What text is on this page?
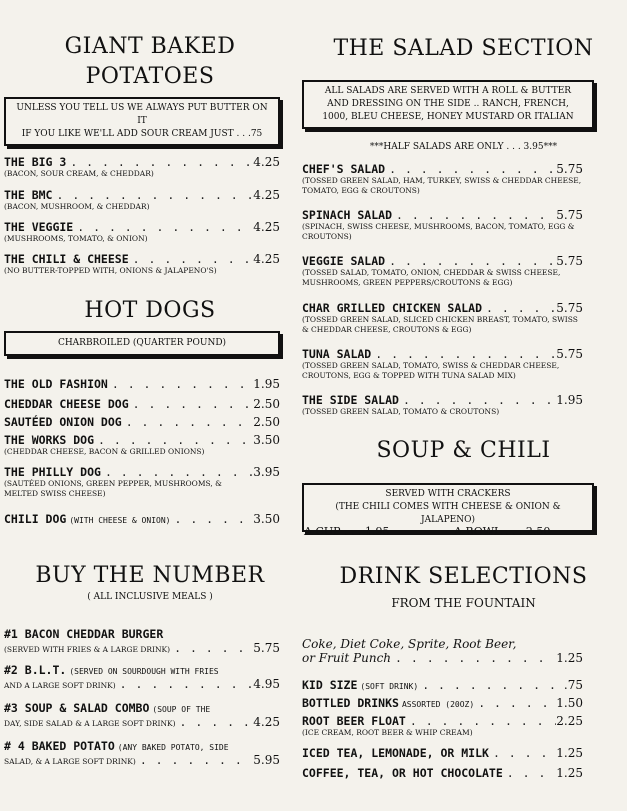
GIANT BAKED
POTATOES
UNLESS YOU TELL US WE ALWAYS PUT BUTTER ON IT
IF YOU LIKE WE'LL ADD SOUR CREAM JUST . . .75
THE BIG 3 . . .	4.25
(BACON, SOUR CREAM, & CHEDDAR)
THE BMC . . .	4.25
(BACON, MUSHROOM, & CHEDDAR)
THE VEGGIE . . .	4.25
(MUSHROOMS, TOMATO, & ONION)
THE CHILI & CHEESE . . .	4.25
(NO BUTTER-TOPPED WITH, ONIONS & JALAPENO'S)
HOT DOGS
CHARBROILED (QUARTER POUND)
THE OLD FASHION . . .	1.95
CHEDDAR CHEESE DOG . . .	2.50
SAUTÉED ONION DOG . . .	2.50
THE WORKS DOG . . .	3.50
(CHEDDAR CHEESE, BACON & GRILLED ONIONS)
THE PHILLY DOG . . .	3.95
(SAUTÉED ONIONS, GREEN PEPPER, MUSHROOMS, & MELTED SWISS CHEESE)
CHILI DOG (WITH CHEESE & ONION) . . .	3.50
BUY THE NUMBER
( ALL INCLUSIVE MEALS )
#1 BACON CHEDDAR BURGER
(SERVED WITH FRIES & A LARGE DRINK) . . .	5.75
#2 B.L.T. (SERVED ON SOURDOUGH WITH FRIES
AND A LARGE SOFT DRINK) . . .	4.95
#3 SOUP & SALAD COMBO (SOUP OF THE
DAY, SIDE SALAD & A LARGE SOFT DRINK) . . .	4.25
# 4 BAKED POTATO (ANY BAKED POTATO, SIDE
SALAD, & A LARGE SOFT DRINK) . . .	5.95
THE SALAD SECTION
ALL SALADS ARE SERVED WITH A ROLL & BUTTER
AND DRESSING ON THE SIDE .. RANCH, FRENCH,
1000, BLEU CHEESE, HONEY MUSTARD OR ITALIAN
***HALF SALADS ARE ONLY . . . 3.95***
CHEF'S SALAD . . .	5.75
(TOSSED GREEN SALAD, HAM, TURKEY, SWISS & CHEDDAR CHEESE, TOMATO, EGG & CROUTONS)
SPINACH SALAD . . .	5.75
(SPINACH, SWISS CHEESE, MUSHROOMS, BACON, TOMATO, EGG & CROUTONS)
VEGGIE SALAD . . .	5.75
(TOSSED SALAD, TOMATO, ONION, CHEDDAR & SWISS CHEESE, MUSHROOMS, GREEN PEPPERS/CROUTONS & EGG)
CHAR GRILLED CHICKEN SALAD . . .	5.75
(TOSSED GREEN SALAD, SLICED CHICKEN BREAST, TOMATO, SWISS & CHEDDAR CHEESE, CROUTONS & EGG)
TUNA SALAD . . .	5.75
(TOSSED GREEN SALAD, TOMATO, SWISS & CHEDDAR CHEESE, CROUTONS, EGG & TOPPED WITH TUNA SALAD MIX)
THE SIDE SALAD . . .	1.95
(TOSSED GREEN SALAD, TOMATO & CROUTONS)
SOUP & CHILI
SERVED WITH CRACKERS
(THE CHILI COMES WITH CHEESE & ONION & JALAPENO)
A CUP . . . 1.95	A BOWL . . . 2.50
DRINK SELECTIONS
FROM THE FOUNTAIN
Coke, Diet Coke, Sprite, Root Beer,
or Fruit Punch . . .	1.25
KID SIZE (SOFT DRINK) . . .	.75
BOTTLED DRINKS ASSORTED (20OZ) . . .	1.50
ROOT BEER FLOAT . . .	2.25
(ICE CREAM, ROOT BEER & WHIP CREAM)
ICED TEA, LEMONADE, OR MILK . . .	1.25
COFFEE, TEA, OR HOT CHOCOLATE . . .	1.25
